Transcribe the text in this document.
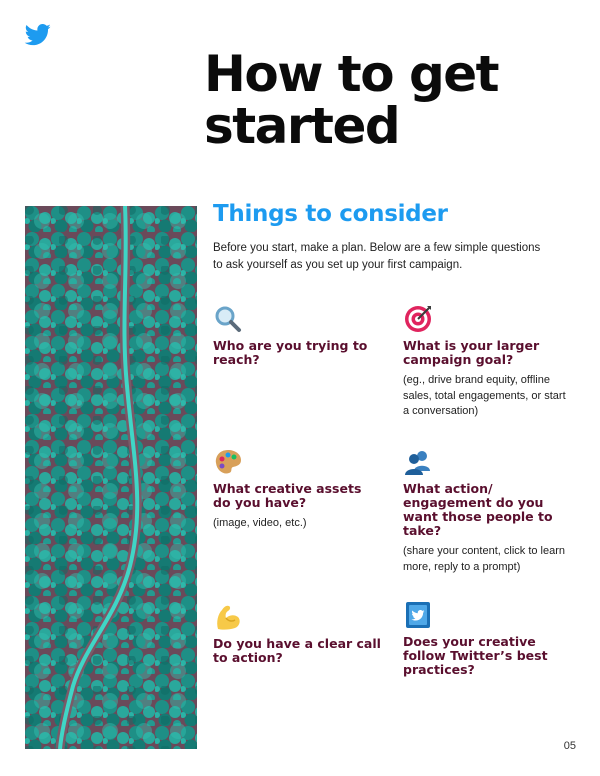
How to get
started
Things to consider

Before you start, make a plan. Below are a few simple questions to ask yourself as you set up your first campaign.

Who are you trying to reach?
What is your larger campaign goal?

(eg., drive brand equity, offline sales, total engagements, or start a conversation)

What creative assets do you have?

(image, video, etc.)

What action/ engagement do you want those people to take?

(share your content, click to learn more, reply to a prompt)

Do you have a clear call to action?
Does your creative follow Twitter’s best practices?
05
